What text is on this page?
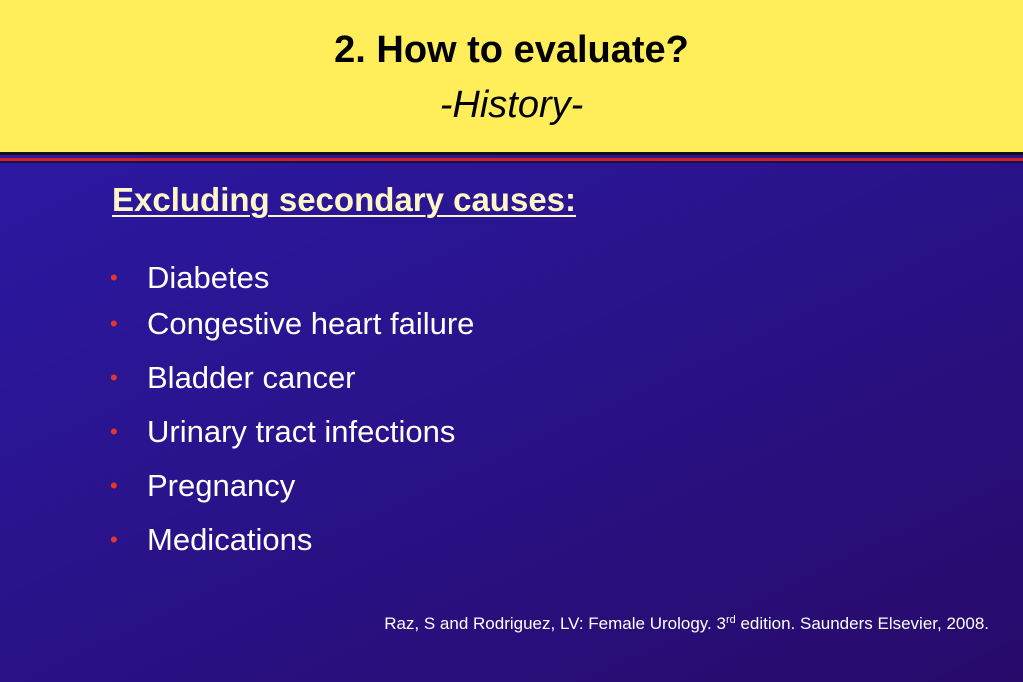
2. How to evaluate?
-History-
Excluding secondary causes:
• Diabetes
• Congestive heart failure
• Bladder cancer
• Urinary tract infections
• Pregnancy
• Medications
Raz, S and Rodriguez, LV: Female Urology. 3rd edition. Saunders Elsevier, 2008.
